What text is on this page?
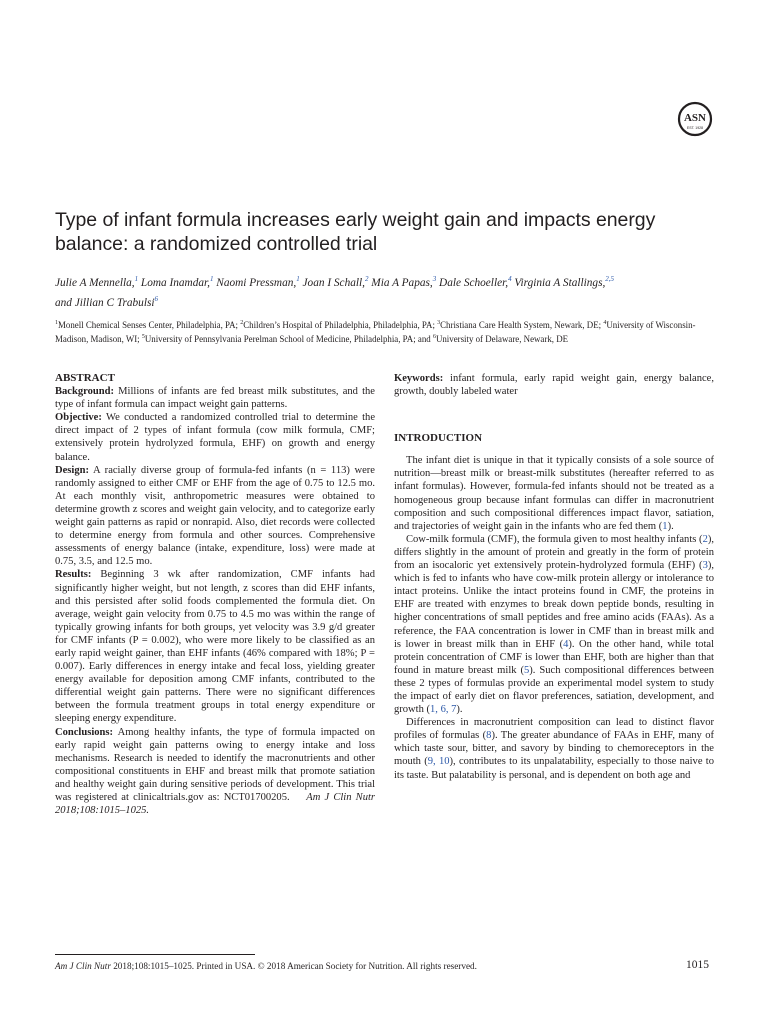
ASN
EST. 1928
Type of infant formula increases early weight gain and impacts energy balance: a randomized controlled trial
Julie A Mennella,$^1$ Loma Inamdar,$^1$ Naomi Pressman,$^1$ Joan I Schall,$^2$ Mia A Papas,$^3$ Dale Schoeller,$^4$ Virginia A Stallings,$^{2,5}$
and Jillian C Trabulsi$^6$
$^1$Monell Chemical Senses Center, Philadelphia, PA; $^2$Children’s Hospital of Philadelphia, Philadelphia, PA; $^3$Christiana Care Health System, Newark, DE; $^4$University of Wisconsin-Madison, Madison, WI; $^5$University of Pennsylvania Perelman School of Medicine, Philadelphia, PA; and $^6$University of Delaware, Newark, DE
ABSTRACT

Background: Millions of infants are fed breast milk substitutes, and the type of infant formula can impact weight gain patterns.

Objective: We conducted a randomized controlled trial to determine the direct impact of 2 types of infant formula (cow milk formula, CMF; extensively protein hydrolyzed formula, EHF) on growth and energy balance.

Design: A racially diverse group of formula-fed infants (n = 113) were randomly assigned to either CMF or EHF from the age of 0.75 to 12.5 mo. At each monthly visit, anthropometric measures were obtained to determine growth z scores and weight gain velocity, and to categorize early weight gain patterns as rapid or nonrapid. Also, diet records were collected to determine energy from formula and other sources. Comprehensive assessments of energy balance (intake, expenditure, loss) were made at 0.75, 3.5, and 12.5 mo.

Results: Beginning 3 wk after randomization, CMF infants had significantly higher weight, but not length, z scores than did EHF infants, and this persisted after solid foods complemented the formula diet. On average, weight gain velocity from 0.75 to 4.5 mo was within the range of typically growing infants for both groups, yet velocity was 3.9 g/d greater for CMF infants (P = 0.002), who were more likely to be classified as an early rapid weight gainer, than EHF infants (46% compared with 18%; P = 0.007). Early differences in energy intake and fecal loss, yielding greater energy available for deposition among CMF infants, contributed to the differential weight gain patterns. There were no significant differences between the formula treatment groups in total energy expenditure or sleeping energy expenditure.

Conclusions: Among healthy infants, the type of formula impacted on early rapid weight gain patterns owing to energy intake and loss mechanisms. Research is needed to identify the macronutrients and other compositional constituents in EHF and breast milk that promote satiation and healthy weight gain during sensitive periods of development. This trial was registered at clinicaltrials.gov as: NCT01700205. Am J Clin Nutr 2018;108:1015–1025.

Keywords: infant formula, early rapid weight gain, energy balance, growth, doubly labeled water

INTRODUCTION

The infant diet is unique in that it typically consists of a sole source of nutrition—breast milk or breast-milk substitutes (hereafter referred to as infant formulas). However, formula-fed infants should not be treated as a homogeneous group because infant formulas can differ in macronutrient composition and such compositional differences impact flavor, satiation, and trajectories of weight gain in the infants who are fed them (1).

Cow-milk formula (CMF), the formula given to most healthy infants (2), differs slightly in the amount of protein and greatly in the form of protein from an isocaloric yet extensively protein-hydrolyzed formula (EHF) (3), which is fed to infants who have cow-milk protein allergy or intolerance to intact proteins. Unlike the intact proteins found in CMF, the proteins in EHF are treated with enzymes to break down peptide bonds, resulting in higher concentrations of small peptides and free amino acids (FAAs). As a reference, the FAA concentration is lower in CMF than in breast milk and is lower in breast milk than in EHF (4). On the other hand, while total protein concentration of CMF is lower than EHF, both are higher than that found in mature breast milk (5). Such compositional differences between these 2 types of formulas provide an experimental model system to study the impact of early diet on flavor preferences, satiation, development, and growth (1, 6, 7).

Differences in macronutrient composition can lead to distinct flavor profiles of formulas (8). The greater abundance of FAAs in EHF, many of which taste sour, bitter, and savory by binding to chemoreceptors in the mouth (9, 10), contributes to its unpalatability, especially to those naive to its taste. But palatability is personal, and is dependent on both age and

Am J Clin Nutr 2018;108:1015–1025. Printed in USA. © 2018 American Society for Nutrition. All rights reserved.	1015
